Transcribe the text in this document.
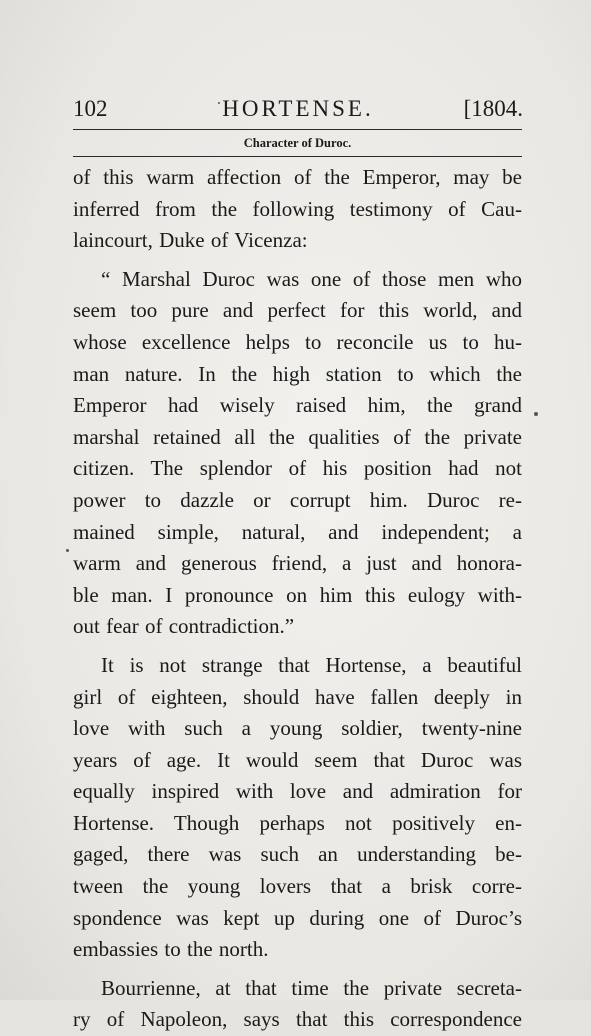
102	HORTENSE.	[1804.
Character of Duroc.
of this warm affection of the Emperor, may be
inferred from the following testimony of Cau-
laincourt, Duke of Vicenza:
“ Marshal Duroc was one of those men who
seem too pure and perfect for this world, and
whose excellence helps to reconcile us to hu-
man nature. In the high station to which the
Emperor had wisely raised him, the grand
marshal retained all the qualities of the private
citizen. The splendor of his position had not
power to dazzle or corrupt him. Duroc re-
mained simple, natural, and independent; a
warm and generous friend, a just and honora-
ble man. I pronounce on him this eulogy with-
out fear of contradiction.”
It is not strange that Hortense, a beautiful
girl of eighteen, should have fallen deeply in
love with such a young soldier, twenty-nine
years of age. It would seem that Duroc was
equally inspired with love and admiration for
Hortense. Though perhaps not positively en-
gaged, there was such an understanding be-
tween the young lovers that a brisk corre-
spondence was kept up during one of Duroc’s
embassies to the north.
Bourrienne, at that time the private secreta-
ry of Napoleon, says that this correspondence
